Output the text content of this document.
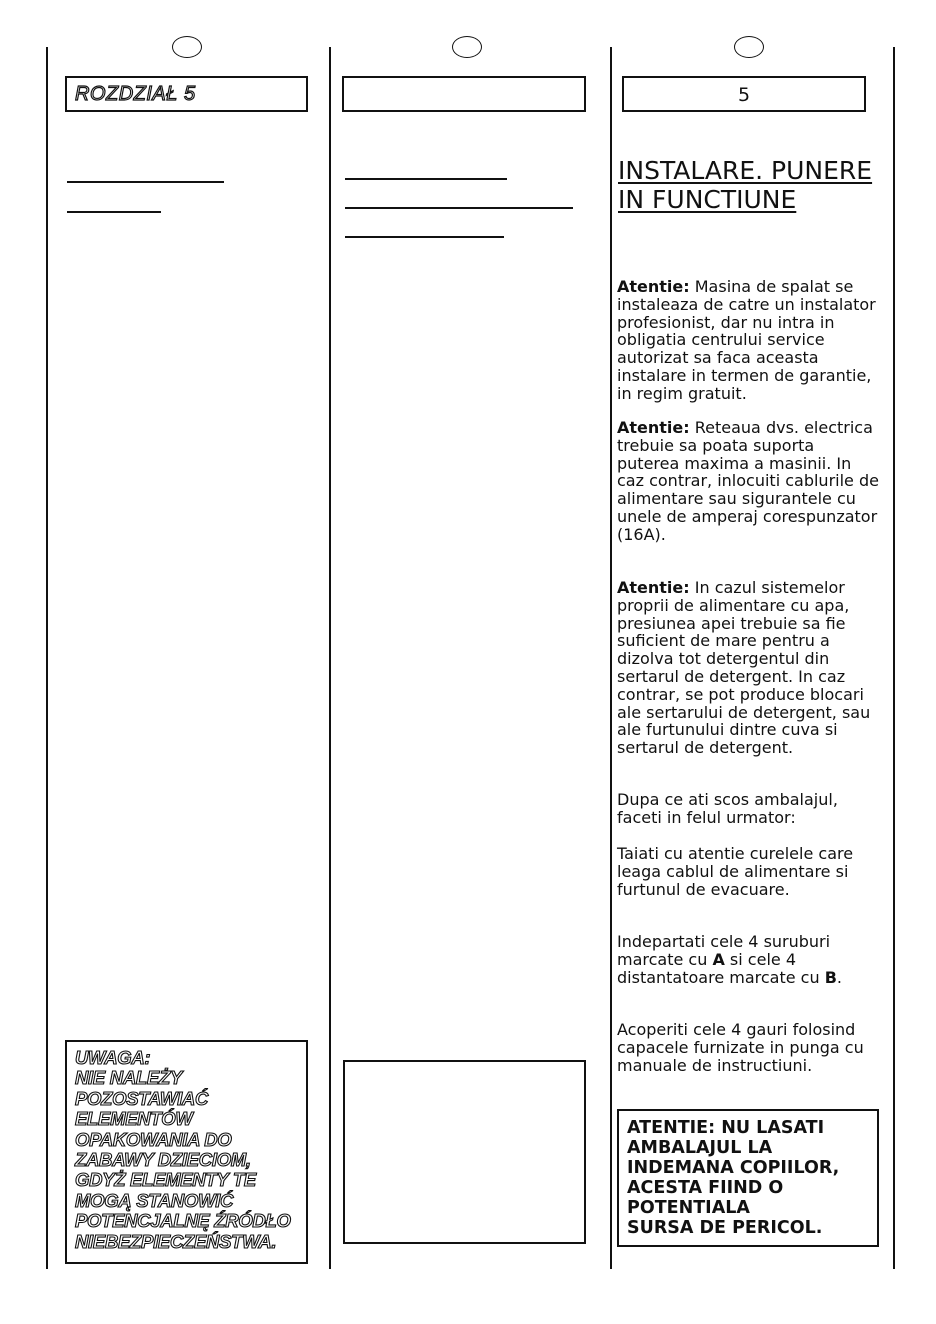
ROZDZIAŁ 5	5
INSTALARE. PUNERE IN FUNCTIUNE

Atentie: Masina de spalat se instaleaza de catre un instalator profesionist, dar nu intra in obligatia centrului service autorizat sa faca aceasta instalare in termen de garantie, in regim gratuit.

Atentie: Reteaua dvs. electrica trebuie sa poata suporta puterea maxima a masinii. In caz contrar, inlocuiti cablurile de alimentare sau sigurantele cu unele de amperaj corespunzator (16A).

Atentie: In cazul sistemelor proprii de alimentare cu apa, presiunea apei trebuie sa fie suficient de mare pentru a dizolva tot detergentul din sertarul de detergent. In caz contrar, se pot produce blocari ale sertarului de detergent, sau ale furtunului dintre cuva si sertarul de detergent.

Dupa ce ati scos ambalajul, faceti in felul urmator:

Taiati cu atentie curelele care leaga cablul de alimentare si furtunul de evacuare.

Indepartati cele 4 suruburi marcate cu A si cele 4 distantatoare marcate cu B.

Acoperiti cele 4 gauri folosind capacele furnizate in punga cu manuale de instructiuni.

UWAGA:
NIE NALEŻY
POZOSTAWIAĆ
ELEMENTÓW
OPAKOWANIA DO
ZABAWY DZIECIOM,
GDYŻ ELEMENTY TE
MOGĄ STANOWIĆ
POTENCJALNĘ ŹRÓDŁO
NIEBEZPIECZEŃSTWA.
ATENTIE: NU LASATI
AMBALAJUL LA
INDEMANA COPIILOR,
ACESTA FIIND O
POTENTIALA
SURSA DE PERICOL.
